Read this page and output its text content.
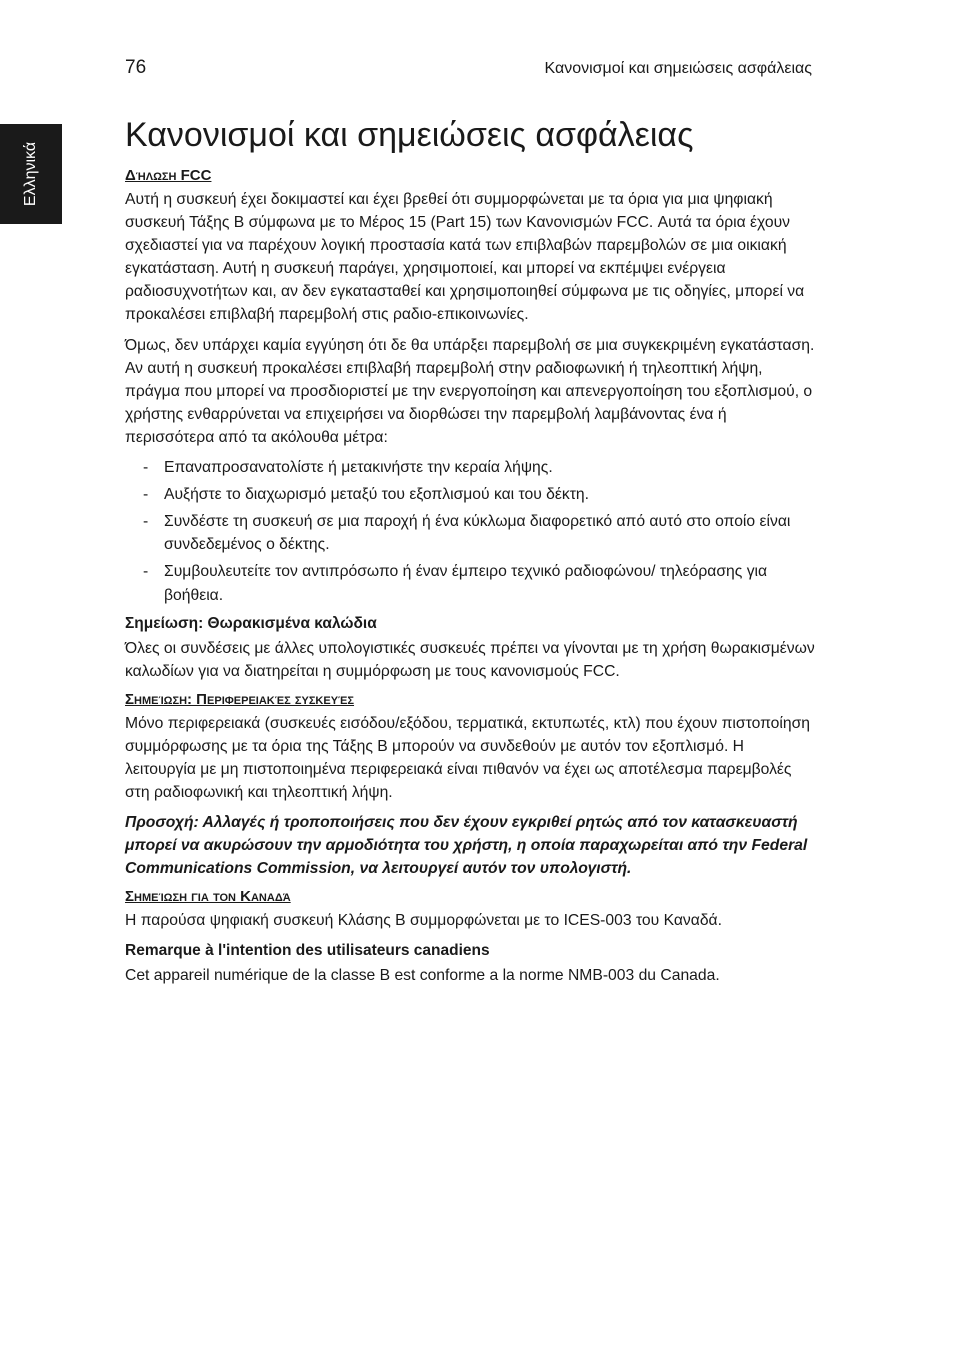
76	Κανονισμοί και σημειώσεις ασφάλειας
Ελληνικά
Κανονισμοί και σημειώσεις ασφάλειας
Δήλωση FCC

Αυτή η συσκευή έχει δοκιμαστεί και έχει βρεθεί ότι συμμορφώνεται με τα όρια για μια ψηφιακή συσκευή Τάξης B σύμφωνα με το Μέρος 15 (Part 15) των Κανονισμών FCC. Αυτά τα όρια έχουν σχεδιαστεί για να παρέχουν λογική προστασία κατά των επιβλαβών παρεμβολών σε μια οικιακή εγκατάσταση. Αυτή η συσκευή παράγει, χρησιμοποιεί, και μπορεί να εκπέμψει ενέργεια ραδιοσυχνοτήτων και, αν δεν εγκατασταθεί και χρησιμοποιηθεί σύμφωνα με τις οδηγίες, μπορεί να προκαλέσει επιβλαβή παρεμβολή στις ραδιο-επικοινωνίες.

Όμως, δεν υπάρχει καμία εγγύηση ότι δε θα υπάρξει παρεμβολή σε μια συγκεκριμένη εγκατάσταση. Αν αυτή η συσκευή προκαλέσει επιβλαβή παρεμβολή στην ραδιοφωνική ή τηλεοπτική λήψη, πράγμα που μπορεί να προσδιοριστεί με την ενεργοποίηση και απενεργοποίηση του εξοπλισμού, ο χρήστης ενθαρρύνεται να επιχειρήσει να διορθώσει την παρεμβολή λαμβάνοντας ένα ή περισσότερα από τα ακόλουθα μέτρα:

- Επαναπροσανατολίστε ή μετακινήστε την κεραία λήψης.
- Αυξήστε το διαχωρισμό μεταξύ του εξοπλισμού και του δέκτη.
- Συνδέστε τη συσκευή σε μια παροχή ή ένα κύκλωμα διαφορετικό από αυτό στο οποίο είναι συνδεδεμένος ο δέκτης.
- Συμβουλευτείτε τον αντιπρόσωπο ή έναν έμπειρο τεχνικό ραδιοφώνου/ τηλεόρασης για βοήθεια.
Σημείωση: Θωρακισμένα καλώδια

Όλες οι συνδέσεις με άλλες υπολογιστικές συσκευές πρέπει να γίνονται με τη χρήση θωρακισμένων καλωδίων για να διατηρείται η συμμόρφωση με τους κανονισμούς FCC.

Σημείωση: Περιφερειακές συσκευές

Μόνο περιφερειακά (συσκευές εισόδου/εξόδου, τερματικά, εκτυπωτές, κτλ) που έχουν πιστοποίηση συμμόρφωσης με τα όρια της Τάξης B μπορούν να συνδεθούν με αυτόν τον εξοπλισμό. Η λειτουργία με μη πιστοποιημένα περιφερειακά είναι πιθανόν να έχει ως αποτέλεσμα παρεμβολές στη ραδιοφωνική και τηλεοπτική λήψη.

Προσοχή: Αλλαγές ή τροποποιήσεις που δεν έχουν εγκριθεί ρητώς από τον κατασκευαστή μπορεί να ακυρώσουν την αρμοδιότητα του χρήστη, η οποία παραχωρείται από την Federal Communications Commission, να λειτουργεί αυτόν τον υπολογιστή.

Σημείωση για τον Καναδά

Η παρούσα ψηφιακή συσκευή Κλάσης B συμμορφώνεται με το ICES-003 του Καναδά.

Remarque à l'intention des utilisateurs canadiens

Cet appareil numérique de la classe B est conforme a la norme NMB-003 du Canada.
